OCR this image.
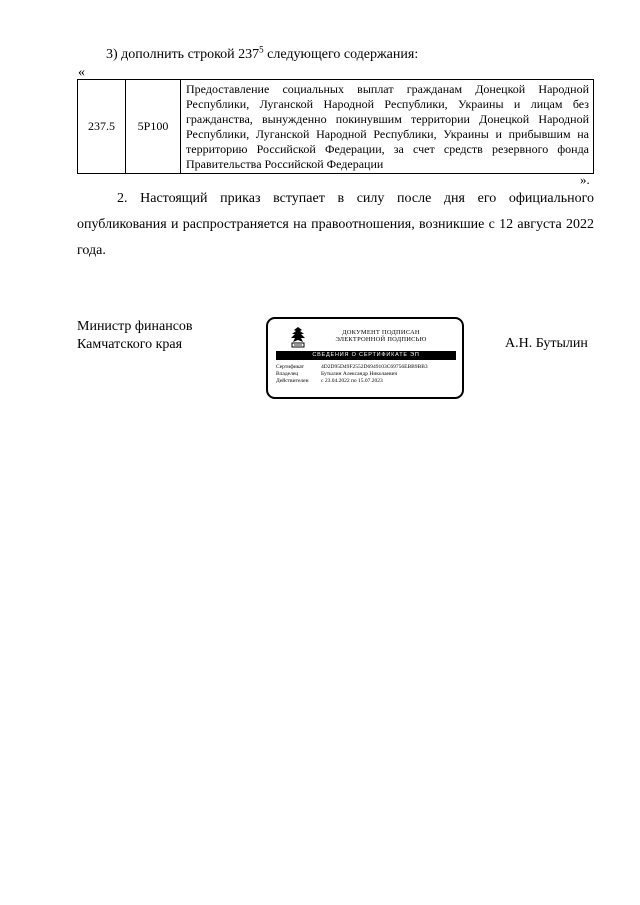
3) дополнить строкой $237^5$ следующего содержания:
«
237.5	5Р100	Предоставление социальных выплат гражданам Донецкой Народной Республики, Луганской Народной Республики, Украины и лицам без гражданства, вынужденно покинувшим территории Донецкой Народной Республики, Луганской Народной Республики, Украины и прибывшим на территорию Российской Федерации, за счет средств резервного фонда Правительства Российской Федерации
».
2. Настоящий приказ вступает в силу после дня его официального опубликования и распространяется на правоотношения, возникшие с 12 августа 2022 года.
Министр финансов
Камчатского края
ДОКУМЕНТ ПОДПИСАН
ЭЛЕКТРОННОЙ ПОДПИСЬЮ
СВЕДЕНИЯ О СЕРТИФИКАТЕ ЭП
Сертификат	4D2D95D49F2552D6949103C69756EBB9BB3
Владелец	Бутылин Александр Николаевич
Действителен	с 23.04.2022 по 15.07.2023
А.Н. Бутылин
